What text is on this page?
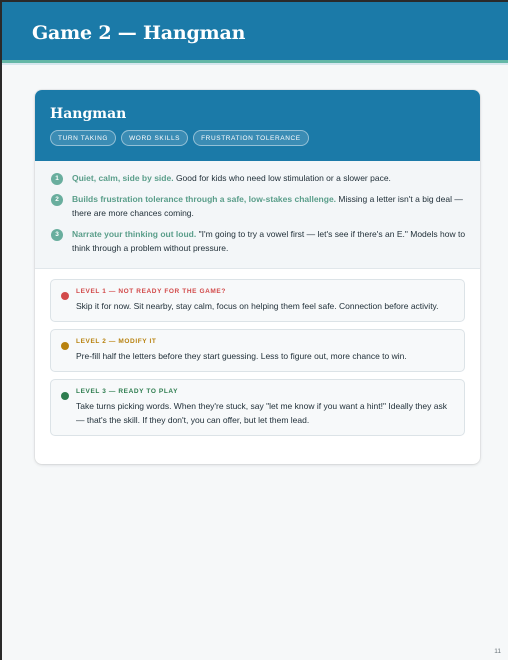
Game 2 — Hangman
Hangman
TURN TAKING	WORD SKILLS	FRUSTRATION TOLERANCE
1	Quiet, calm, side by side. Good for kids who need low stimulation or a slower pace.

2	Builds frustration tolerance through a safe, low-stakes challenge. Missing a letter isn't a big deal — there are more chances coming.

3	Narrate your thinking out loud. "I'm going to try a vowel first — let's see if there's an E." Models how to think through a problem without pressure.

LEVEL 1 — NOT READY FOR THE GAME?

Skip it for now. Sit nearby, stay calm, focus on helping them feel safe. Connection before activity.

LEVEL 2 — MODIFY IT

Pre-fill half the letters before they start guessing. Less to figure out, more chance to win.

LEVEL 3 — READY TO PLAY

Take turns picking words. When they're stuck, say "let me know if you want a hint!" Ideally they ask — that's the skill. If they don't, you can offer, but let them lead.

11
